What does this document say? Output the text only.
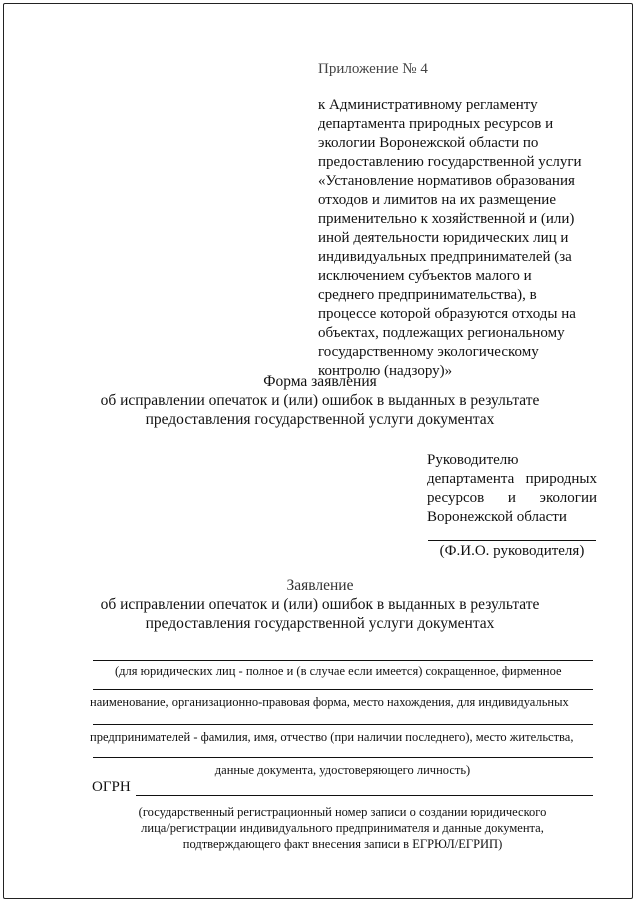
Приложение № 4
к Административному регламенту
департамента природных ресурсов и
экологии Воронежской области по
предоставлению государственной услуги
«Установление нормативов образования
отходов и лимитов на их размещение
применительно к хозяйственной и (или)
иной деятельности юридических лиц и
индивидуальных предпринимателей (за
исключением субъектов малого и
среднего предпринимательства), в
процессе которой образуются отходы на
объектах, подлежащих региональному
государственному экологическому
контролю (надзору)»
Форма заявления
об исправлении опечаток и (или) ошибок в выданных в результате
предоставления государственной услуги документах
Руководителю
департамента природных
ресурсов и экологии
Воронежской области
(Ф.И.О. руководителя)
Заявление
об исправлении опечаток и (или) ошибок в выданных в результате
предоставления государственной услуги документах
(для юридических лиц - полное и (в случае если имеется) сокращенное, фирменное
наименование, организационно-правовая форма, место нахождения, для индивидуальных
предпринимателей - фамилия, имя, отчество (при наличии последнего), место жительства,
данные документа, удостоверяющего личность)
ОГРН
(государственный регистрационный номер записи о создании юридического
лица/регистрации индивидуального предпринимателя и данные документа,
подтверждающего факт внесения записи в ЕГРЮЛ/ЕГРИП)
